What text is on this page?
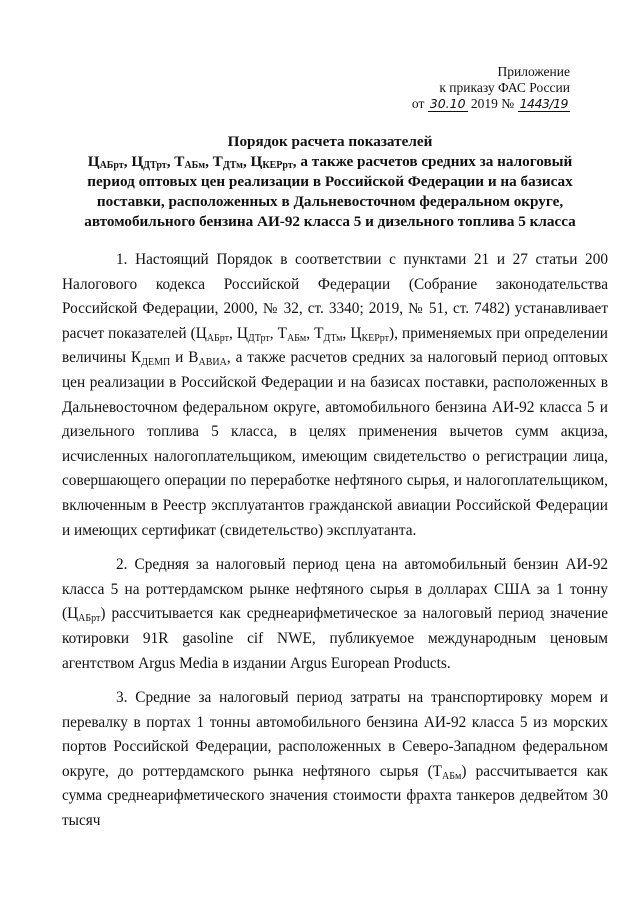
Приложение
к приказу ФАС России
от 30.10 2019 № 1443/19
Порядок расчета показателей
$Ц_{АБрт}$, $Ц_{ДТрт}$, $Т_{АБм}$, $Т_{ДТм}$, $Ц_{КЕРрт}$, а также расчетов средних за налоговый
период оптовых цен реализации в Российской Федерации и на базисах
поставки, расположенных в Дальневосточном федеральном округе,
автомобильного бензина АИ-92 класса 5 и дизельного топлива 5 класса

1. Настоящий Порядок в соответствии с пунктами 21 и 27 статьи 200 Налогового кодекса Российской Федерации (Собрание законодательства Российской Федерации, 2000, № 32, ст. 3340; 2019, № 51, ст. 7482) устанавливает расчет показателей ($Ц_{АБрт}$, $Ц_{ДТрт}$, $Т_{АБм}$, $Т_{ДТм}$, $Ц_{КЕРрт}$), применяемых при определении величины $К_{ДЕМП}$ и $В_{АВИА}$, а также расчетов средних за налоговый период оптовых цен реализации в Российской Федерации и на базисах поставки, расположенных в Дальневосточном федеральном округе, автомобильного бензина АИ-92 класса 5 и дизельного топлива 5 класса, в целях применения вычетов сумм акциза, исчисленных налогоплательщиком, имеющим свидетельство о регистрации лица, совершающего операции по переработке нефтяного сырья, и налогоплательщиком, включенным в Реестр эксплуатантов гражданской авиации Российской Федерации и имеющих сертификат (свидетельство) эксплуатанта.

2. Средняя за налоговый период цена на автомобильный бензин АИ-92 класса 5 на роттердамском рынке нефтяного сырья в долларах США за 1 тонну $(Ц_{АБрт})$ рассчитывается как среднеарифметическое за налоговый период значение котировки 91R gasoline cif NWE, публикуемое международным ценовым агентством Argus Media в издании Argus European Products.

3. Средние за налоговый период затраты на транспортировку морем и перевалку в портах 1 тонны автомобильного бензина АИ-92 класса 5 из морских портов Российской Федерации, расположенных в Северо-Западном федеральном округе, до роттердамского рынка нефтяного сырья $(Т_{АБм})$ рассчитывается как сумма среднеарифметического значения стоимости фрахта танкеров дедвейтом 30 тысяч
